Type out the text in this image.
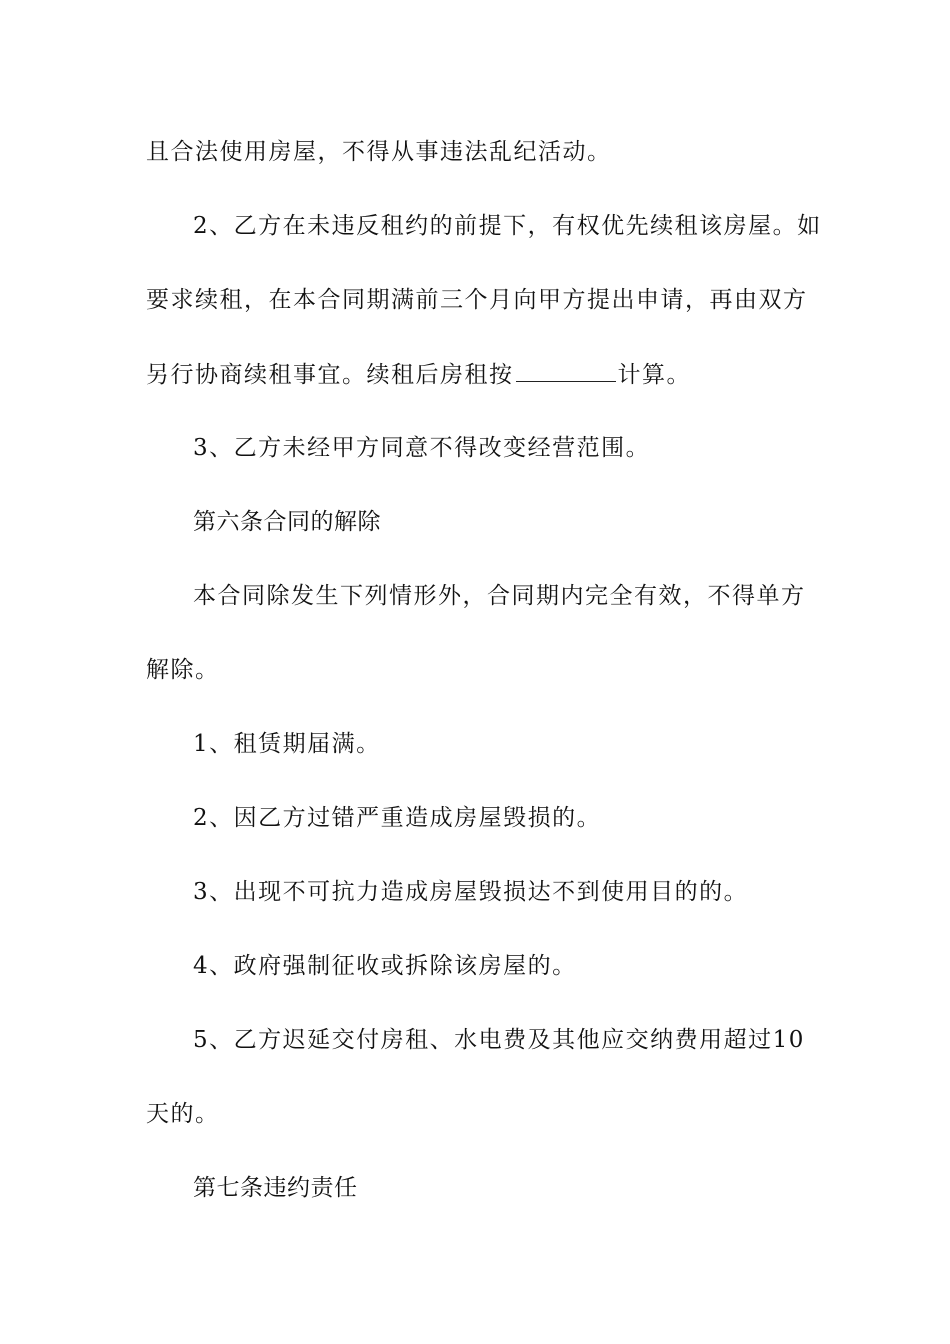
且合法使用房屋，不得从事违法乱纪活动。
2、乙方在未违反租约的前提下，有权优先续租该房屋。如
要求续租，在本合同期满前三个月向甲方提出申请，再由双方
另行协商续租事宜。续租后房租按	计算。
3、乙方未经甲方同意不得改变经营范围。
第六条合同的解除
本合同除发生下列情形外，合同期内完全有效，不得单方
解除。
1、租赁期届满。
2、因乙方过错严重造成房屋毁损的。
3、出现不可抗力造成房屋毁损达不到使用目的的。
4、政府强制征收或拆除该房屋的。
5、乙方迟延交付房租、水电费及其他应交纳费用超过10
天的。
第七条违约责任
